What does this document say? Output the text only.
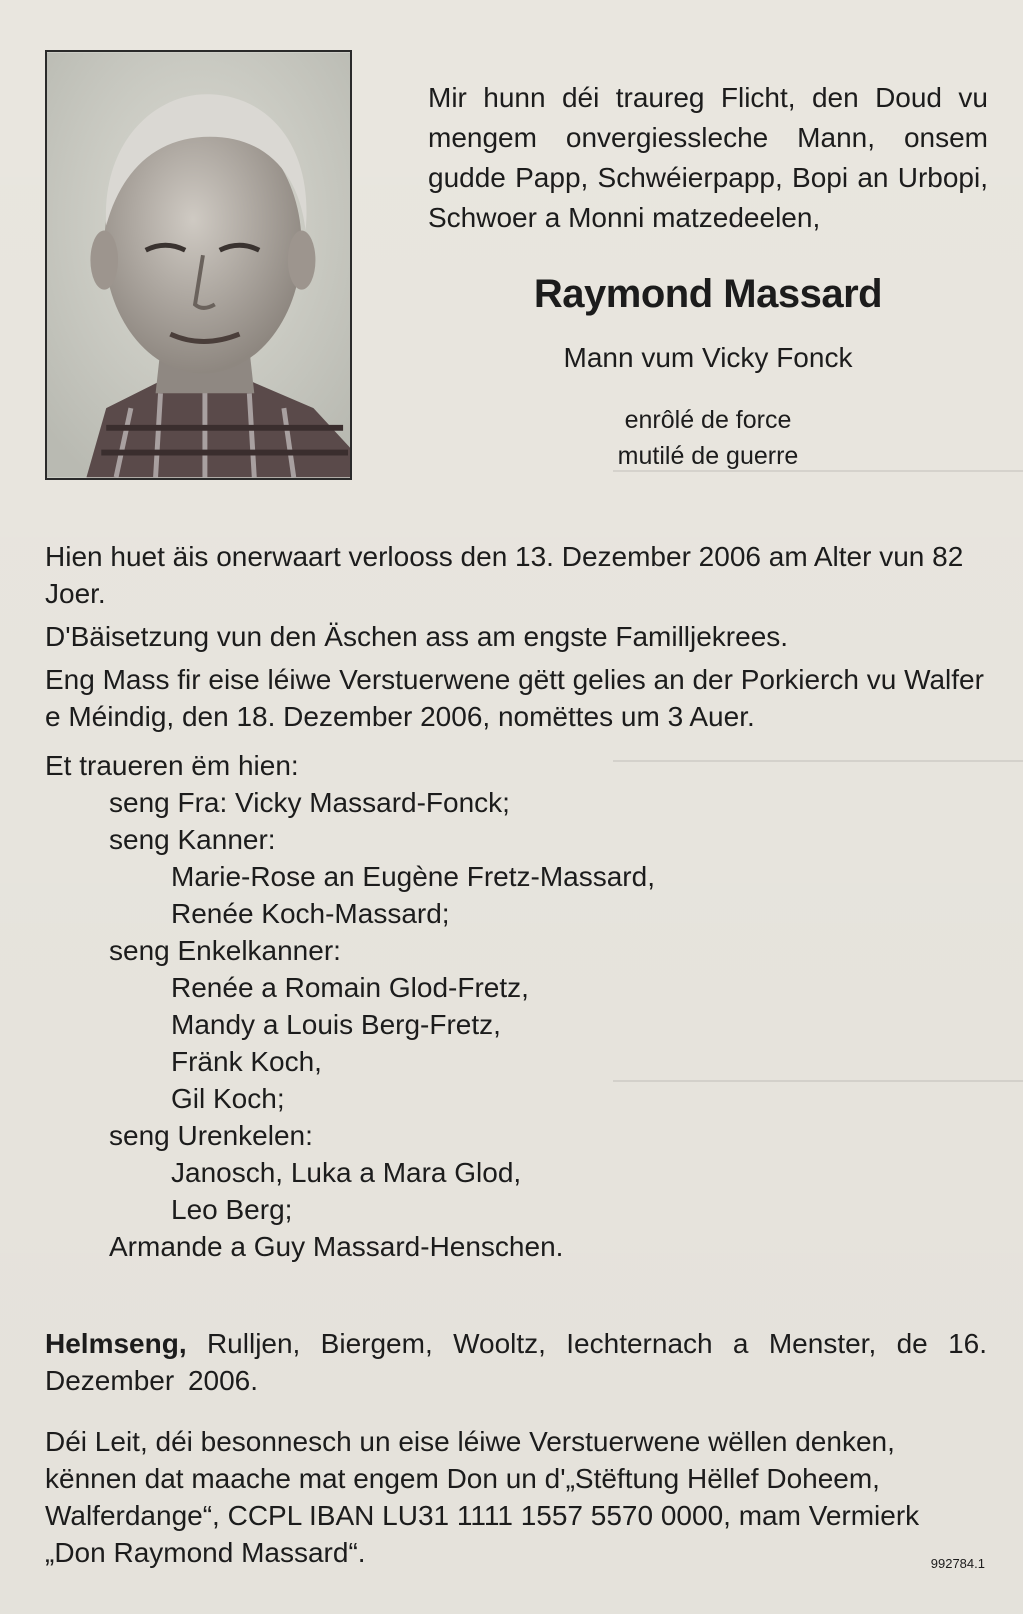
Mir hunn déi traureg Flicht, den Doud vu mengem onvergiessleche Mann, onsem gudde Papp, Schwéierpapp, Bopi an Urbopi, Schwoer a Monni matzedeelen,

Raymond Massard
Mann vum Vicky Fonck
enrôlé de force
mutilé de guerre

Hien huet äis onerwaart verlooss den 13. Dezember 2006 am Alter vun 82 Joer.

D'Bäisetzung vun den Äschen ass am engste Familljekrees.

Eng Mass fir eise léiwe Verstuerwene gëtt gelies an der Porkierch vu Walfer e Méindig, den 18. Dezember 2006, nomëttes um 3 Auer.

Et traueren ëm hien:
seng Fra: Vicky Massard-Fonck;
seng Kanner:
Marie-Rose an Eugène Fretz-Massard,
Renée Koch-Massard;
seng Enkelkanner:
Renée a Romain Glod-Fretz,
Mandy a Louis Berg-Fretz,
Fränk Koch,
Gil Koch;
seng Urenkelen:
Janosch, Luka a Mara Glod,
Leo Berg;
Armande a Guy Massard-Henschen.
Helmseng, Rulljen, Biergem, Wooltz, Iechternach a Menster, de 16. Dezember 2006.
Déi Leit, déi besonnesch un eise léiwe Verstuerwene wëllen denken, kënnen dat maache mat engem Don un d'„Stëftung Hëllef Doheem, Walferdange“, CCPL IBAN LU31 1111 1557 5570 0000, mam Vermierk „Don Raymond Massard“.	992784.1
